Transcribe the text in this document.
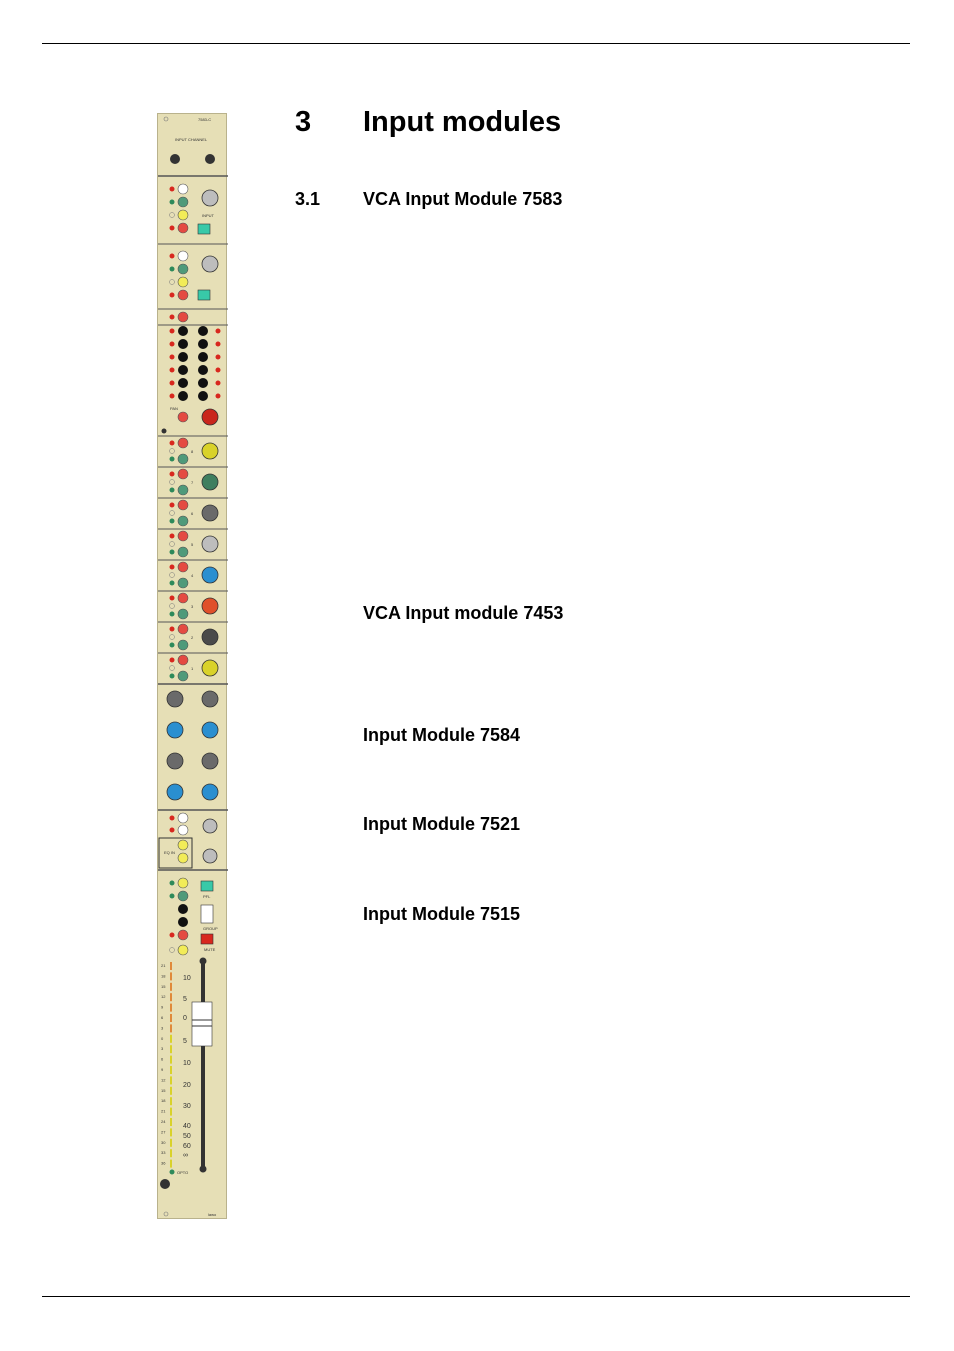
3 Input modules
3.1 VCA Input Module 7583
VCA Input module 7453
Input Module 7584
Input Module 7521
Input Module 7515
7583-C
INPUT CHANNEL
INPUT
PAN
8
7
6
5
4
3
2
1
EQ IN
PFL
GROUP
MUTE
21
18
15
12
9
6
3
0
3
6
9
12
15
18
21
24
27
30
33
36
10
5
0
5
10
20
30
40
50
60
∞
OPTO
lawo
